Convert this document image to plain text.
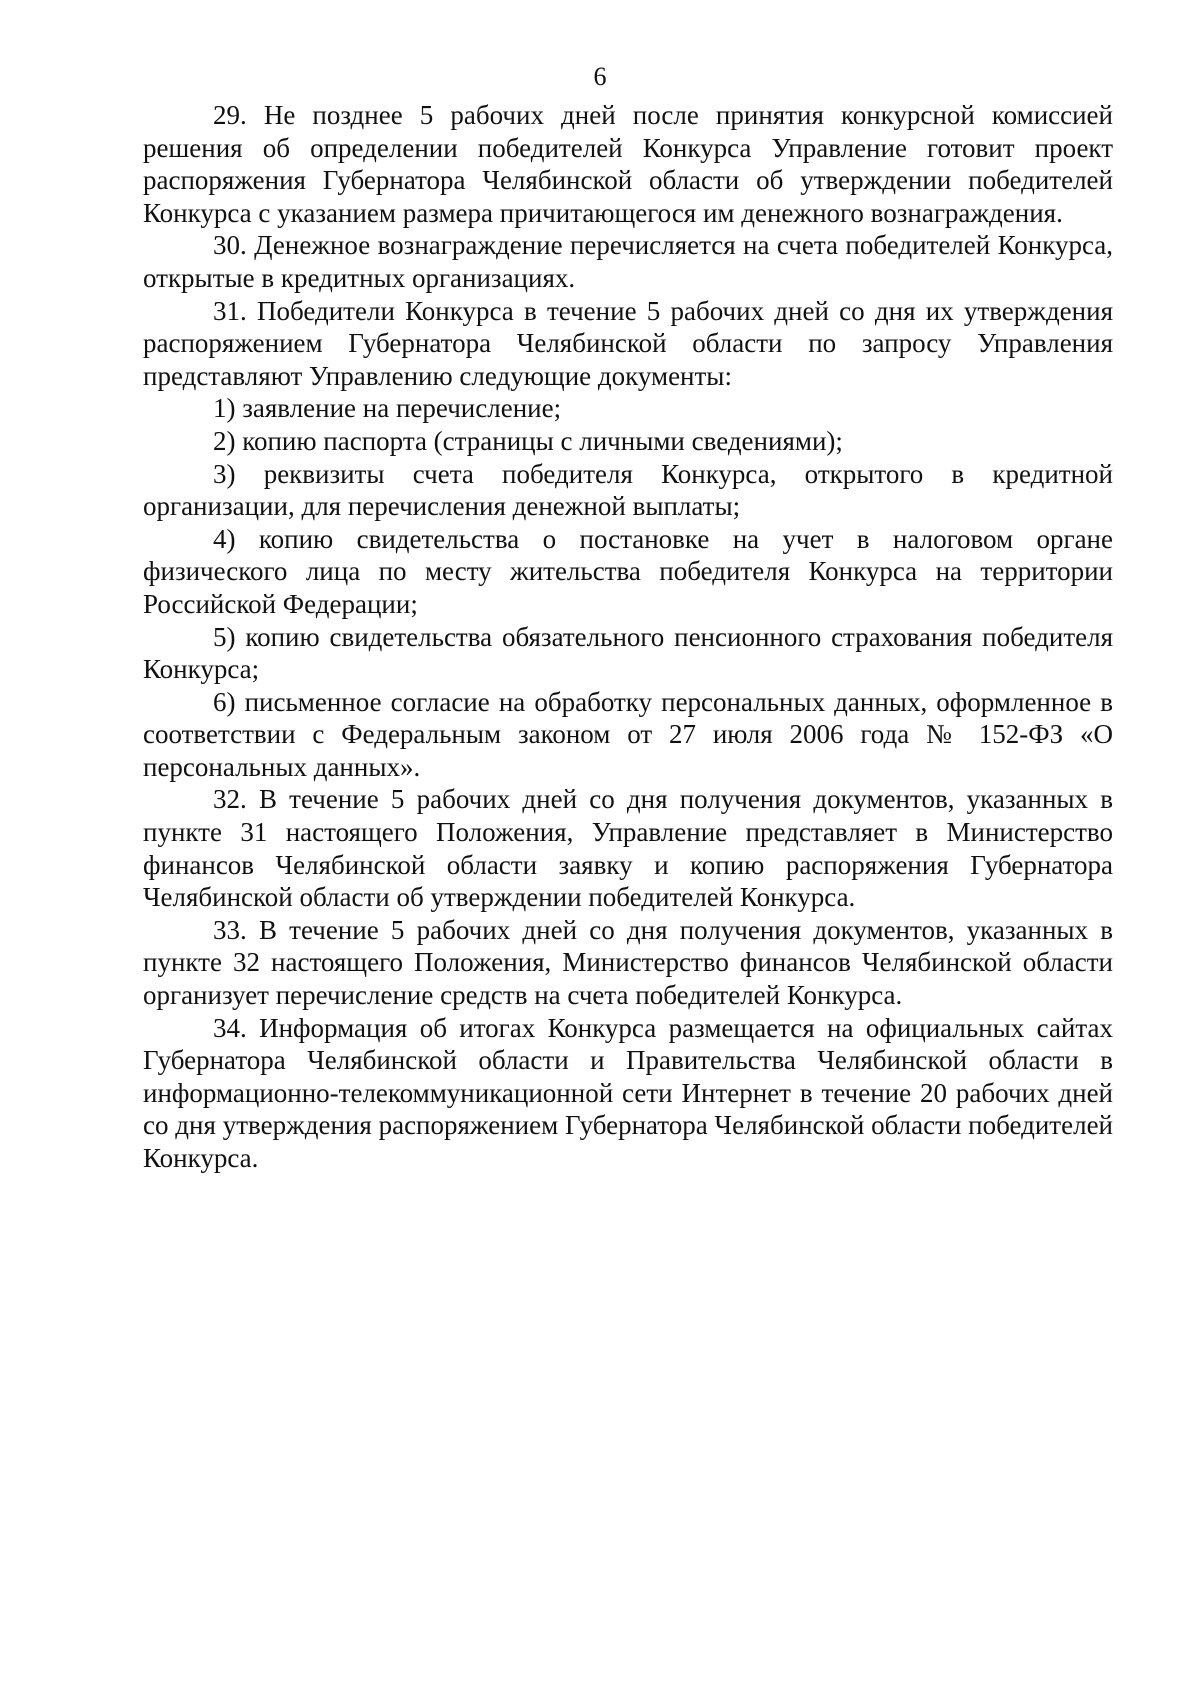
6

29. Не позднее 5 рабочих дней после принятия конкурсной комиссией решения об определении победителей Конкурса Управление готовит проект распоряжения Губернатора Челябинской области об утверждении победителей Конкурса с указанием размера причитающегося им денежного вознаграждения.

30. Денежное вознаграждение перечисляется на счета победителей Конкурса, открытые в кредитных организациях.

31. Победители Конкурса в течение 5 рабочих дней со дня их утверждения распоряжением Губернатора Челябинской области по запросу Управления представляют Управлению следующие документы:

1) заявление на перечисление;

2) копию паспорта (страницы с личными сведениями);

3) реквизиты счета победителя Конкурса, открытого в кредитной организации, для перечисления денежной выплаты;

4) копию свидетельства о постановке на учет в налоговом органе физического лица по месту жительства победителя Конкурса на территории Российской Федерации;

5) копию свидетельства обязательного пенсионного страхования победителя Конкурса;

6) письменное согласие на обработку персональных данных, оформленное в соответствии с Федеральным законом от 27 июля 2006 года № 152-ФЗ «О персональных данных».

32. В течение 5 рабочих дней со дня получения документов, указанных в пункте 31 настоящего Положения, Управление представляет в Министерство финансов Челябинской области заявку и копию распоряжения Губернатора Челябинской области об утверждении победителей Конкурса.

33. В течение 5 рабочих дней со дня получения документов, указанных в пункте 32 настоящего Положения, Министерство финансов Челябинской области организует перечисление средств на счета победителей Конкурса.

34. Информация об итогах Конкурса размещается на официальных сайтах Губернатора Челябинской области и Правительства Челябинской области в информационно-телекоммуникационной сети Интернет в течение 20 рабочих дней со дня утверждения распоряжением Губернатора Челябинской области победителей Конкурса.
